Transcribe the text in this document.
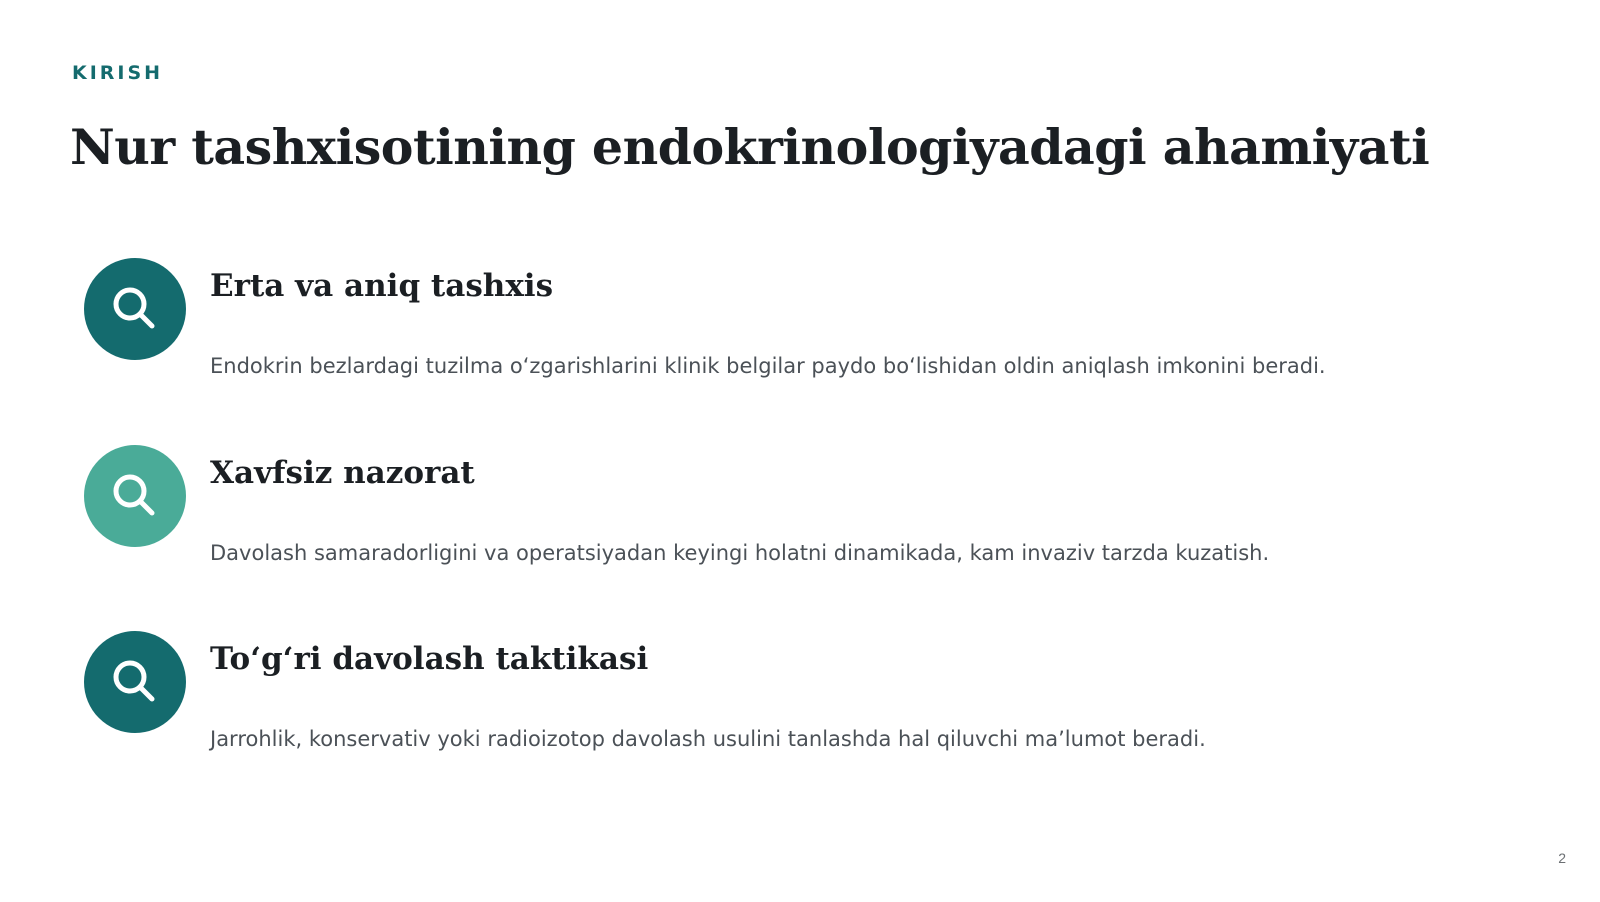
KIRISH
Nur tashxisotining endokrinologiyadagi ahamiyati
Erta va aniq tashxis

Endokrin bezlardagi tuzilma oʻzgarishlarini klinik belgilar paydo boʻlishidan oldin aniqlash imkonini beradi.

Xavfsiz nazorat

Davolash samaradorligini va operatsiyadan keyingi holatni dinamikada, kam invaziv tarzda kuzatish.

Toʻgʻri davolash taktikasi

Jarrohlik, konservativ yoki radioizotop davolash usulini tanlashda hal qiluvchi maʼlumot beradi.

2
